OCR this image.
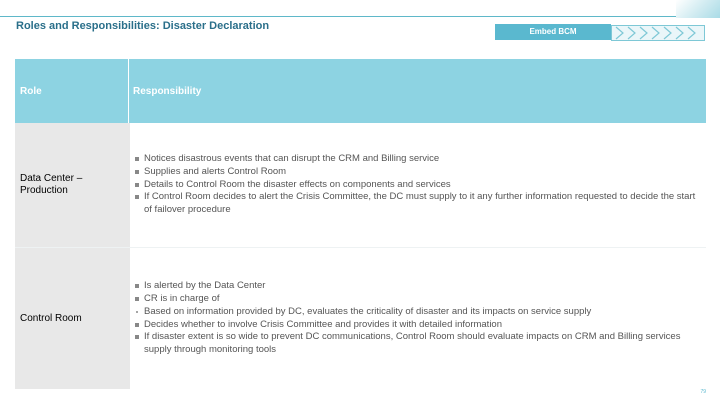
Roles and Responsibilities: Disaster Declaration	Embed BCM
Role	Responsibility
Data Center – Production
Notices disastrous events that can disrupt the CRM and Billing service
Supplies and alerts Control Room
Details to Control Room the disaster effects on components and services
If Control Room decides to alert the Crisis Committee, the DC must supply to it any further information requested to decide the start of failover procedure
Control Room
Is alerted by the Data Center
CR is in charge of
Based on information provided by DC, evaluates the criticality of disaster and its impacts on service supply
Decides whether to involve Crisis Committee and provides it with detailed information
If disaster extent is so wide to prevent DC communications, Control Room should evaluate impacts on CRM and Billing services supply through monitoring tools
79
